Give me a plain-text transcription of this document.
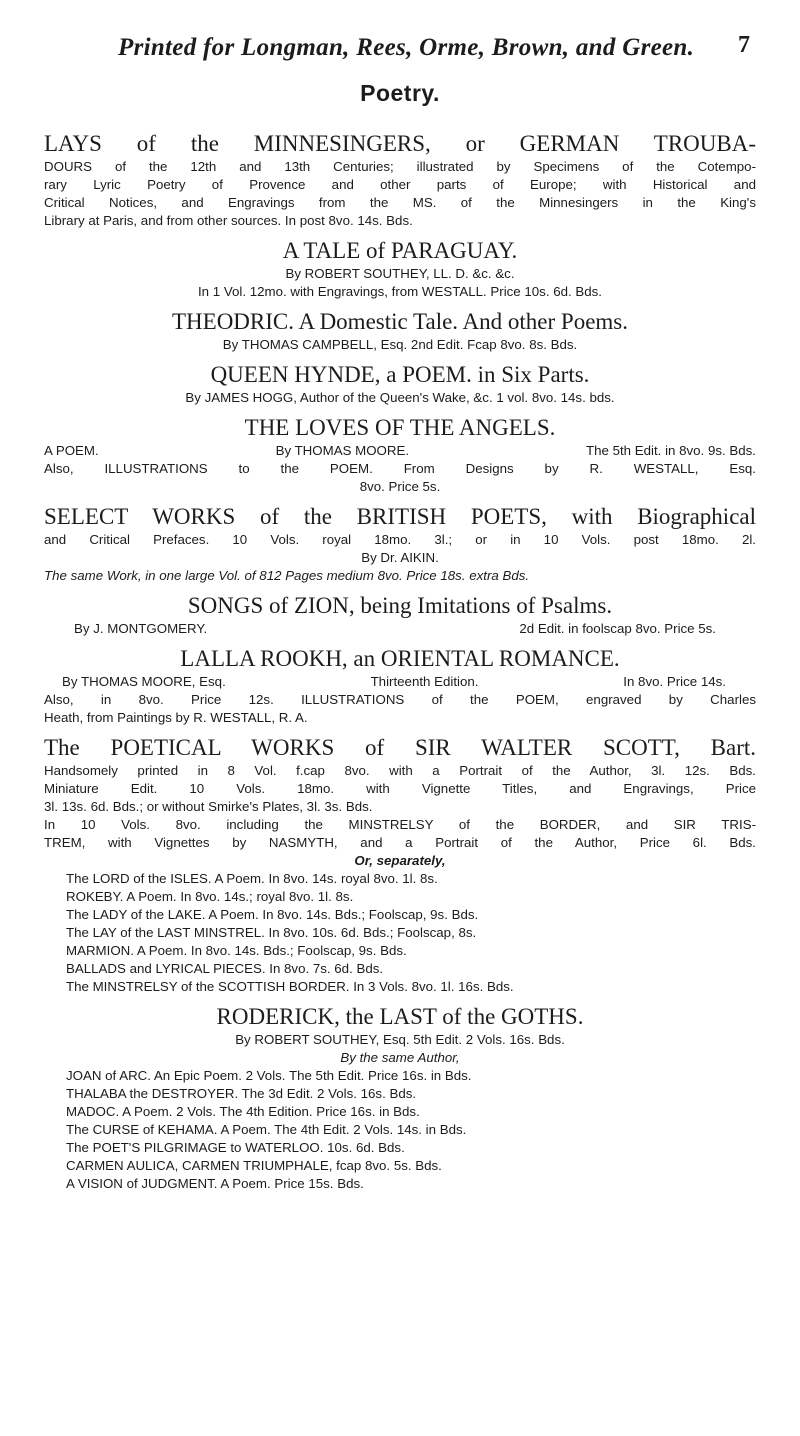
Printed for Longman, Rees, Orme, Brown, and Green. 7
Poetry.
LAYS of the MINNESINGERS, or GERMAN TROUBA-
DOURS of the 12th and 13th Centuries; illustrated by Specimens of the Cotempo-
rary Lyric Poetry of Provence and other parts of Europe; with Historical and
Critical Notices, and Engravings from the MS. of the Minnesingers in the King's
Library at Paris, and from other sources. In post 8vo. 14s. Bds.
A TALE of PARAGUAY.
By ROBERT SOUTHEY, LL. D. &c. &c.
In 1 Vol. 12mo. with Engravings, from WESTALL. Price 10s. 6d. Bds.
THEODRIC. A Domestic Tale. And other Poems.
By THOMAS CAMPBELL, Esq. 2nd Edit. Fcap 8vo. 8s. Bds.
QUEEN HYNDE, a POEM. in Six Parts.
By JAMES HOGG, Author of the Queen's Wake, &c. 1 vol. 8vo. 14s. bds.
THE LOVES OF THE ANGELS.
A POEM.	By THOMAS MOORE.	The 5th Edit. in 8vo. 9s. Bds.
Also, ILLUSTRATIONS to the POEM. From Designs by R. WESTALL, Esq.
8vo. Price 5s.
SELECT WORKS of the BRITISH POETS, with Biographical
and Critical Prefaces. 10 Vols. royal 18mo. 3l.; or in 10 Vols. post 18mo. 2l.
By Dr. AIKIN.
The same Work, in one large Vol. of 812 Pages medium 8vo. Price 18s. extra Bds.
SONGS of ZION, being Imitations of Psalms.
By J. MONTGOMERY.	2d Edit. in foolscap 8vo. Price 5s.
LALLA ROOKH, an ORIENTAL ROMANCE.
By THOMAS MOORE, Esq.	Thirteenth Edition.	In 8vo. Price 14s.
Also, in 8vo. Price 12s. ILLUSTRATIONS of the POEM, engraved by Charles
Heath, from Paintings by R. WESTALL, R. A.
The POETICAL WORKS of SIR WALTER SCOTT, Bart.
Handsomely printed in 8 Vol. f.cap 8vo. with a Portrait of the Author, 3l. 12s. Bds.
Miniature Edit. 10 Vols. 18mo. with Vignette Titles, and Engravings, Price
3l. 13s. 6d. Bds.; or without Smirke's Plates, 3l. 3s. Bds.
In 10 Vols. 8vo. including the MINSTRELSY of the BORDER, and SIR TRIS-
TREM, with Vignettes by NASMYTH, and a Portrait of the Author, Price 6l. Bds.
Or, separately,
The LORD of the ISLES. A Poem. In 8vo. 14s. royal 8vo. 1l. 8s.
ROKEBY. A Poem. In 8vo. 14s.; royal 8vo. 1l. 8s.
The LADY of the LAKE. A Poem. In 8vo. 14s. Bds.; Foolscap, 9s. Bds.
The LAY of the LAST MINSTREL. In 8vo. 10s. 6d. Bds.; Foolscap, 8s.
MARMION. A Poem. In 8vo. 14s. Bds.; Foolscap, 9s. Bds.
BALLADS and LYRICAL PIECES. In 8vo. 7s. 6d. Bds.
The MINSTRELSY of the SCOTTISH BORDER. In 3 Vols. 8vo. 1l. 16s. Bds.
RODERICK, the LAST of the GOTHS.
By ROBERT SOUTHEY, Esq. 5th Edit. 2 Vols. 16s. Bds.
By the same Author,
JOAN of ARC. An Epic Poem. 2 Vols. The 5th Edit. Price 16s. in Bds.
THALABA the DESTROYER. The 3d Edit. 2 Vols. 16s. Bds.
MADOC. A Poem. 2 Vols. The 4th Edition. Price 16s. in Bds.
The CURSE of KEHAMA. A Poem. The 4th Edit. 2 Vols. 14s. in Bds.
The POET'S PILGRIMAGE to WATERLOO. 10s. 6d. Bds.
CARMEN AULICA, CARMEN TRIUMPHALE, fcap 8vo. 5s. Bds.
A VISION of JUDGMENT. A Poem. Price 15s. Bds.
